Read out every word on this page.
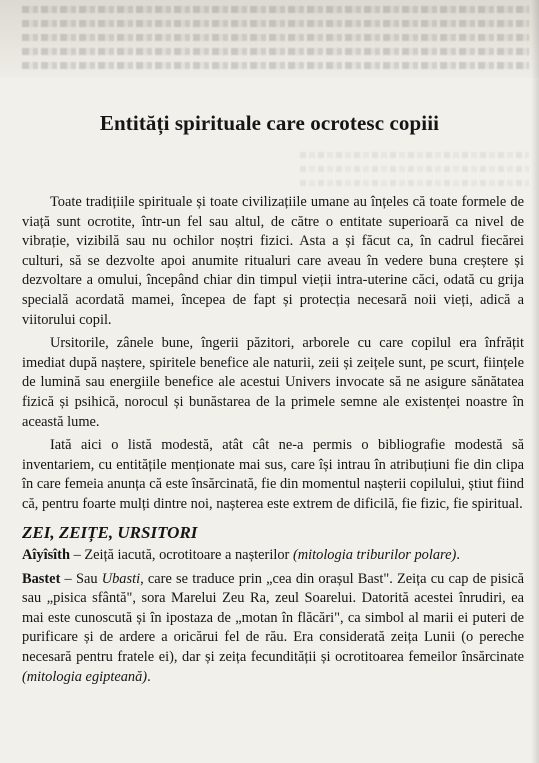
Entități spirituale care ocrotesc copiii

Toate tradițiile spirituale și toate civilizațiile umane au înțeles că toate formele de viață sunt ocrotite, într-un fel sau altul, de către o entitate superioară ca nivel de vibrație, vizibilă sau nu ochilor noștri fizici. Asta a și făcut ca, în cadrul fiecărei culturi, să se dezvolte apoi anumite ritualuri care aveau în vedere buna creștere și dezvoltare a omului, începând chiar din timpul vieții intra-uterine căci, odată cu grija specială acordată mamei, începea de fapt și protecția necesară noii vieți, adică a viitorului copil.

Ursitorile, zânele bune, îngerii păzitori, arborele cu care copilul era înfrățit imediat după naștere, spiritele benefice ale naturii, zeii și zeițele sunt, pe scurt, ființele de lumină sau energiile benefice ale acestui Univers invocate să ne asigure sănătatea fizică și psihică, norocul și bunăstarea de la primele semne ale existenței noastre în această lume.

Iată aici o listă modestă, atât cât ne-a permis o bibliografie modestă să inventariem, cu entitățile menționate mai sus, care își intrau în atribuțiuni fie din clipa în care femeia anunța că este însărcinată, fie din momentul nașterii copilului, știut fiind că, pentru foarte mulți dintre noi, nașterea este extrem de dificilă, fie fizic, fie spiritual.

ZEI, ZEIȚE, URSITORI

Aîyîsîth – Zeiță iacută, ocrotitoare a nașterilor (mitologia triburilor polare).

Bastet – Sau Ubasti, care se traduce prin „cea din orașul Bast". Zeița cu cap de pisică sau „pisica sfântă", sora Marelui Zeu Ra, zeul Soarelui. Datorită acestei înrudiri, ea mai este cunoscută și în ipostaza de „motan în flăcări", ca simbol al marii ei puteri de purificare și de ardere a oricărui fel de rău. Era considerată zeița Lunii (o pereche necesară pentru fratele ei), dar și zeița fecundității și ocrotitoarea femeilor însărcinate (mitologia egipteană).
